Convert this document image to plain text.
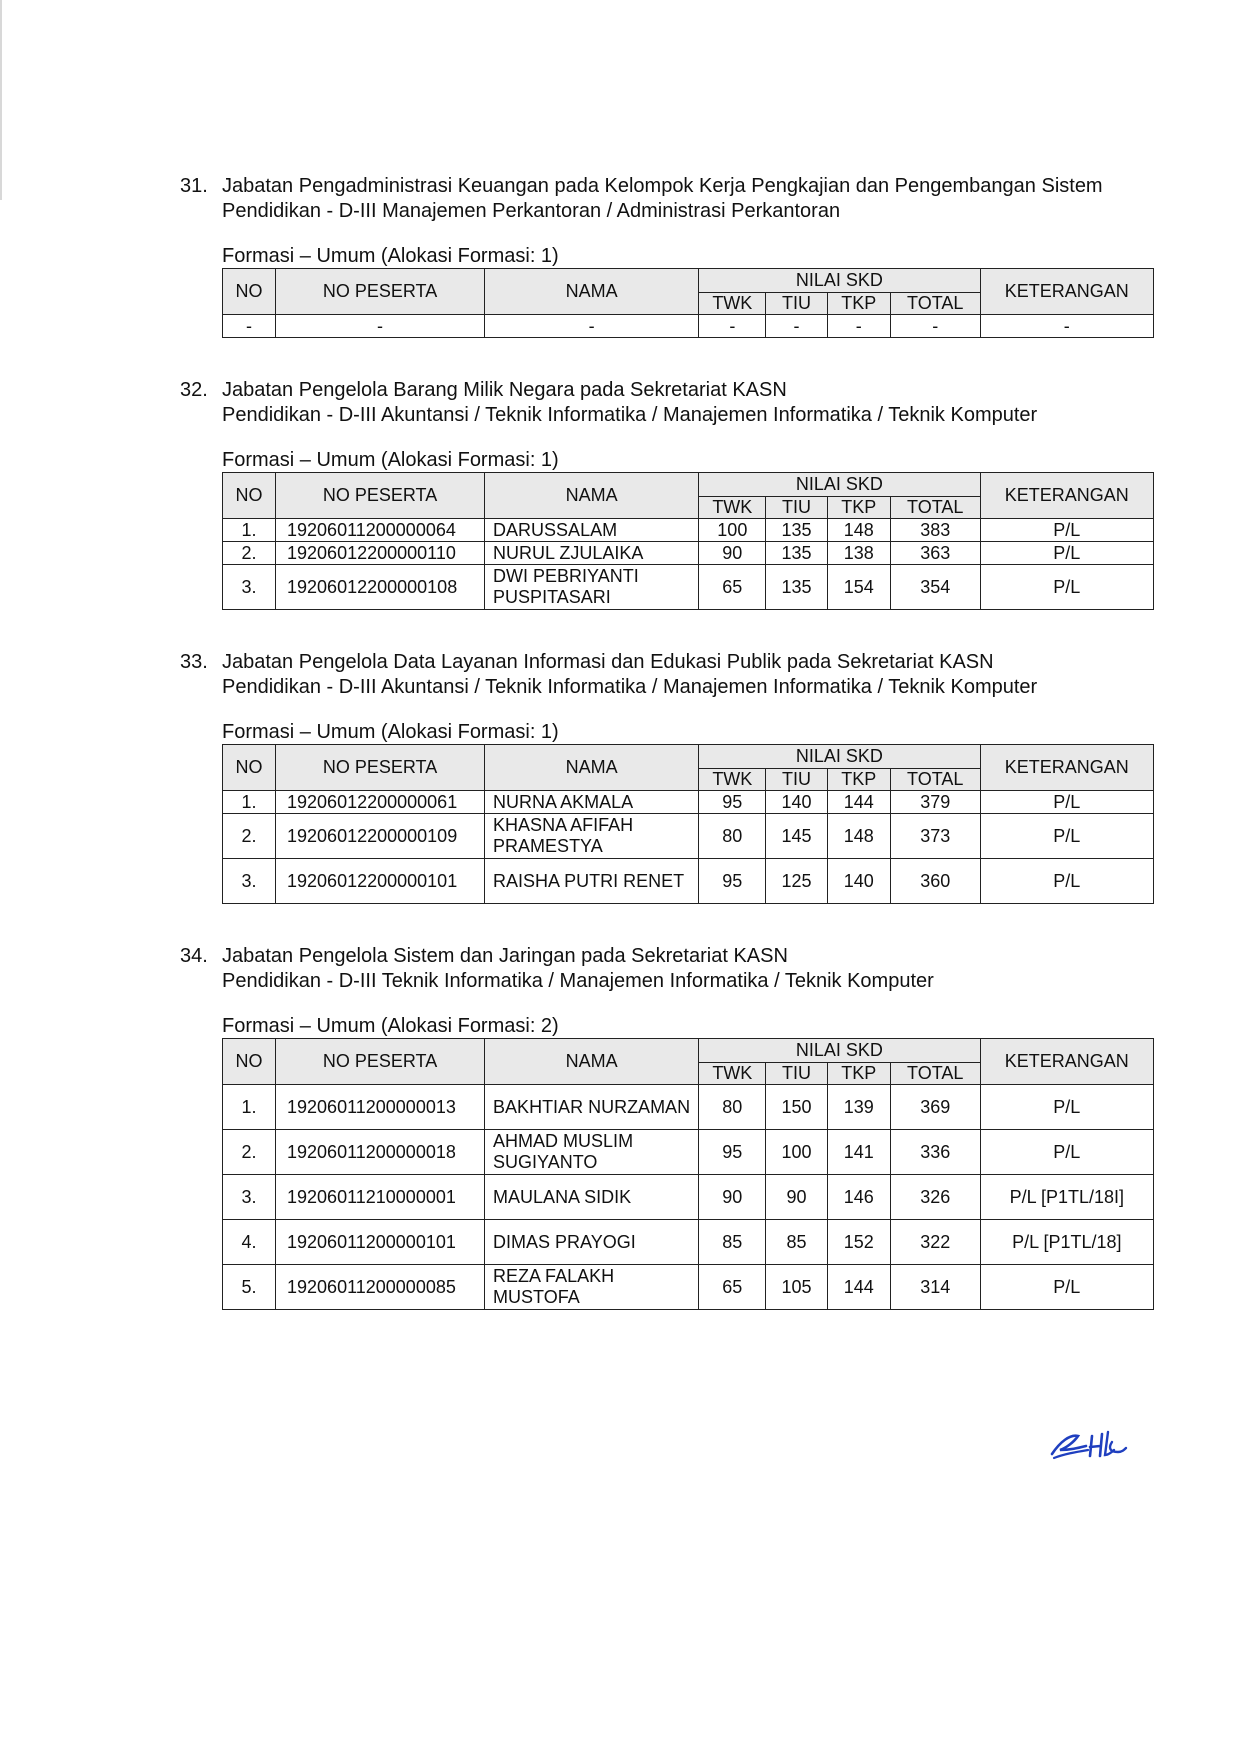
31. Jabatan Pengadministrasi Keuangan pada Kelompok Kerja Pengkajian dan Pengembangan Sistem
Pendidikan - D-III Manajemen Perkantoran / Administrasi Perkantoran
Formasi – Umum (Alokasi Formasi: 1)
NO	NO PESERTA	NAMA	NILAI SKD				KETERANGAN
			TWK	TIU	TKP	TOTAL	
-	-	-	-	-	-	-	-
32. Jabatan Pengelola Barang Milik Negara pada Sekretariat KASN
Pendidikan - D-III Akuntansi / Teknik Informatika / Manajemen Informatika / Teknik Komputer
Formasi – Umum (Alokasi Formasi: 1)
NO	NO PESERTA	NAMA	NILAI SKD				KETERANGAN
			TWK	TIU	TKP	TOTAL	
1.	19206011200000064	DARUSSALAM	100	135	148	383	P/L
2.	19206012200000110	NURUL ZJULAIKA	90	135	138	363	P/L
3.	19206012200000108	DWI PEBRIYANTI PUSPITASARI	65	135	154	354	P/L
33. Jabatan Pengelola Data Layanan Informasi dan Edukasi Publik pada Sekretariat KASN
Pendidikan - D-III Akuntansi / Teknik Informatika / Manajemen Informatika / Teknik Komputer
Formasi – Umum (Alokasi Formasi: 1)
NO	NO PESERTA	NAMA	NILAI SKD				KETERANGAN
			TWK	TIU	TKP	TOTAL	
1.	19206012200000061	NURNA AKMALA	95	140	144	379	P/L
2.	19206012200000109	KHASNA AFIFAH PRAMESTYA	80	145	148	373	P/L
3.	19206012200000101	RAISHA PUTRI RENET	95	125	140	360	P/L
34. Jabatan Pengelola Sistem dan Jaringan pada Sekretariat KASN
Pendidikan - D-III Teknik Informatika / Manajemen Informatika / Teknik Komputer
Formasi – Umum (Alokasi Formasi: 2)
NO	NO PESERTA	NAMA	NILAI SKD				KETERANGAN
			TWK	TIU	TKP	TOTAL	
1.	19206011200000013	BAKHTIAR NURZAMAN	80	150	139	369	P/L
2.	19206011200000018	AHMAD MUSLIM SUGIYANTO	95	100	141	336	P/L
3.	19206011210000001	MAULANA SIDIK	90	90	146	326	P/L [P1TL/18I]
4.	19206011200000101	DIMAS PRAYOGI	85	85	152	322	P/L [P1TL/18]
5.	19206011200000085	REZA FALAKH MUSTOFA	65	105	144	314	P/L
